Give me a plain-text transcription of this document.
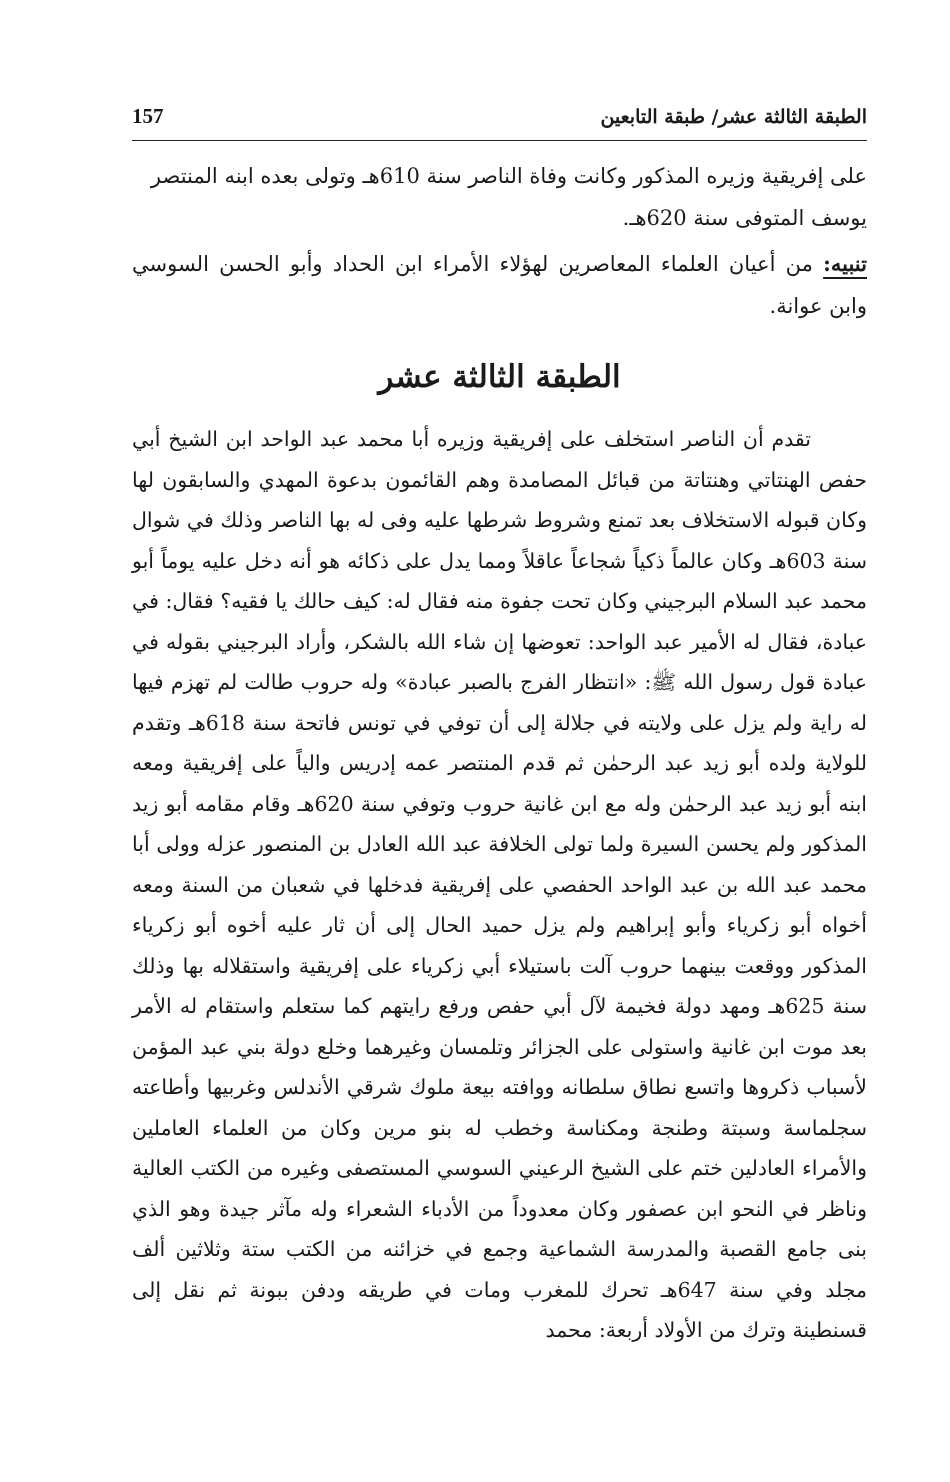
الطبقة الثالثة عشر/ طبقة التابعين
157

على إفريقية وزيره المذكور وكانت وفاة الناصر سنة 610هـ وتولى بعده ابنه المنتصر
يوسف المتوفى سنة 620هـ.

تنبيه: من أعيان العلماء المعاصرين لهؤلاء الأمراء ابن الحداد وأبو الحسن السوسي وابن عوانة.
الطبقة الثالثة عشر

تقدم أن الناصر استخلف على إفريقية وزيره أبا محمد عبد الواحد ابن الشيخ أبي حفص الهنتاتي وهنتاتة من قبائل المصامدة وهم القائمون بدعوة المهدي والسابقون لها وكان قبوله الاستخلاف بعد تمنع وشروط شرطها عليه وفى له بها الناصر وذلك في شوال سنة 603هـ وكان عالماً ذكياً شجاعاً عاقلاً ومما يدل على ذكائه هو أنه دخل عليه يوماً أبو محمد عبد السلام البرجيني وكان تحت جفوة منه فقال له: كيف حالك يا فقيه؟ فقال: في عبادة، فقال له الأمير عبد الواحد: تعوضها إن شاء الله بالشكر، وأراد البرجيني بقوله في عبادة قول رسول الله ﷺ: «انتظار الفرج بالصبر عبادة» وله حروب طالت لم تهزم فيها له راية ولم يزل على ولايته في جلالة إلى أن توفي في تونس فاتحة سنة 618هـ وتقدم للولاية ولده أبو زيد عبد الرحمٰن ثم قدم المنتصر عمه إدريس والياً على إفريقية ومعه ابنه أبو زيد عبد الرحمٰن وله مع ابن غانية حروب وتوفي سنة 620هـ وقام مقامه أبو زيد المذكور ولم يحسن السيرة ولما تولى الخلافة عبد الله العادل بن المنصور عزله وولى أبا محمد عبد الله بن عبد الواحد الحفصي على إفريقية فدخلها في شعبان من السنة ومعه أخواه أبو زكرياء وأبو إبراهيم ولم يزل حميد الحال إلى أن ثار عليه أخوه أبو زكرياء المذكور ووقعت بينهما حروب آلت باستيلاء أبي زكرياء على إفريقية واستقلاله بها وذلك سنة 625هـ ومهد دولة فخيمة لآل أبي حفص ورفع رايتهم كما ستعلم واستقام له الأمر بعد موت ابن غانية واستولى على الجزائر وتلمسان وغيرهما وخلع دولة بني عبد المؤمن لأسباب ذكروها واتسع نطاق سلطانه ووافته بيعة ملوك شرقي الأندلس وغربيها وأطاعته سجلماسة وسبتة وطنجة ومكناسة وخطب له بنو مرين وكان من العلماء العاملين والأمراء العادلين ختم على الشيخ الرعيني السوسي المستصفى وغيره من الكتب العالية وناظر في النحو ابن عصفور وكان معدوداً من الأدباء الشعراء وله مآثر جيدة وهو الذي بنى جامع القصبة والمدرسة الشماعية وجمع في خزائنه من الكتب ستة وثلاثين ألف مجلد وفي سنة 647هـ تحرك للمغرب ومات في طريقه ودفن ببونة ثم نقل إلى قسنطينة وترك من الأولاد أربعة: محمد
